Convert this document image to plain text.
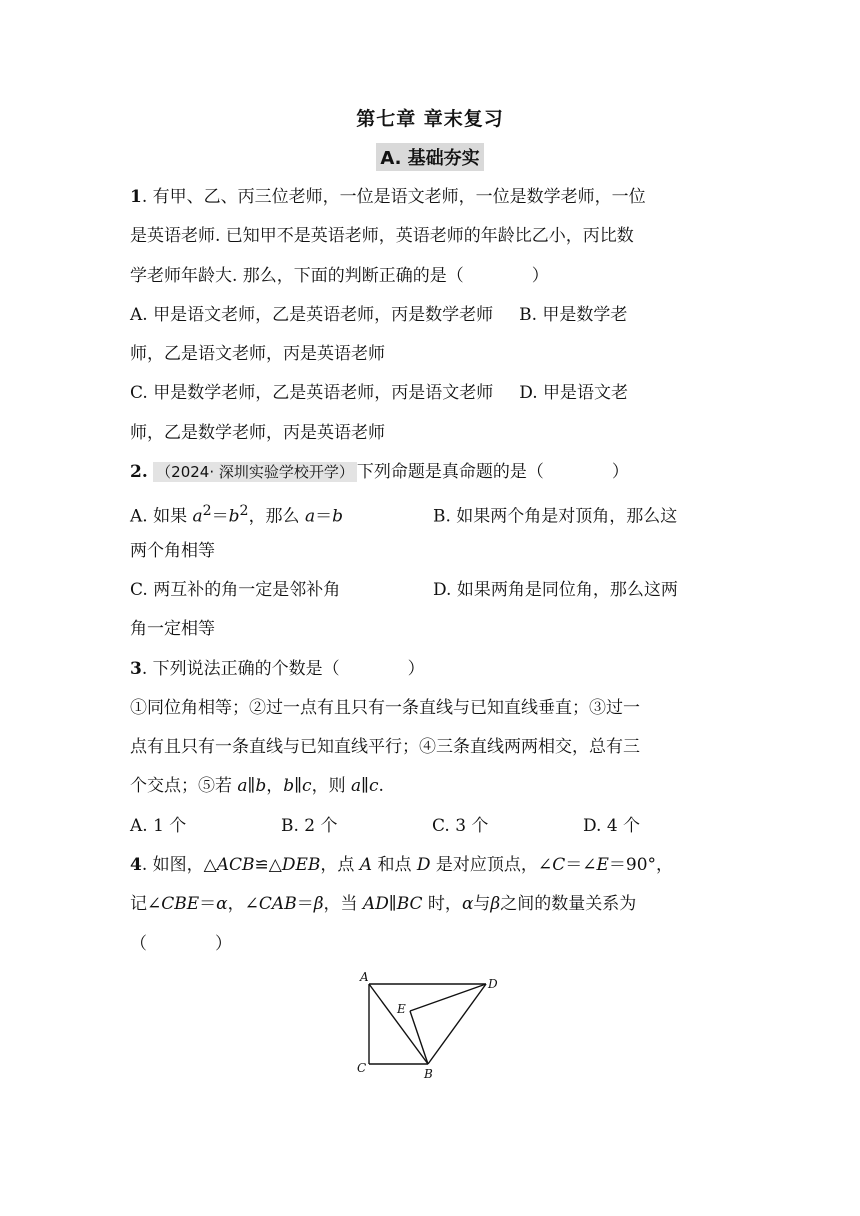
第七章 章末复习
A. 基础夯实
1. 有甲、乙、丙三位老师，一位是语文老师，一位是数学老师，一位
是英语老师. 已知甲不是英语老师，英语老师的年龄比乙小，丙比数
学老师年龄大. 那么，下面的判断正确的是（　　　　）
A. 甲是语文老师，乙是英语老师，丙是数学老师 B. 甲是数学老
师，乙是语文老师，丙是英语老师
C. 甲是数学老师，乙是英语老师，丙是语文老师 D. 甲是语文老
师，乙是数学老师，丙是英语老师
2. （2024· 深圳实验学校开学） 下列命题是真命题的是（　　　　）
A. 如果 $a^2=b^2$，那么 a＝b	B. 如果两个角是对顶角，那么这
两个角相等
C. 两互补的角一定是邻补角	D. 如果两角是同位角，那么这两
角一定相等
3. 下列说法正确的个数是（　　　　）
①同位角相等；②过一点有且只有一条直线与已知直线垂直；③过一
点有且只有一条直线与已知直线平行；④三条直线两两相交，总有三
个交点；⑤若 a∥b，b∥c，则 a∥c.
A. 1 个	B. 2 个	C. 3 个	D. 4 个
4. 如图，△ACB≌△DEB，点 A 和点 D 是对应顶点，∠C＝∠E＝90°，
记∠CBE＝α，∠CAB＝β，当 AD∥BC 时，α与β之间的数量关系为
（　　　　）
A
C	B
D
E
